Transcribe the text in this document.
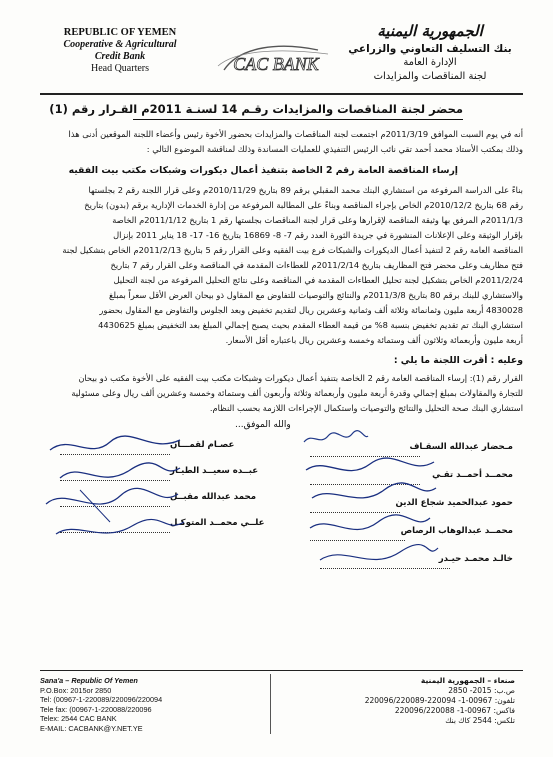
REPUBLIC OF YEMEN
Cooperative & Agricultural
Credit Bank
Head Quarters	CAC BANK
الجمهورية اليمنية
بنك التسليف التعاوني والزراعي
الإدارة العامة
لجنة المناقصات والمزايدات
محضر لجنة المناقصات والمزايدات رقـم 14 لسنـة 2011م القـرار رقم (1)
أنه في يوم السبت الموافق 2011/3/19م اجتمعت لجنة المناقصات والمزايدات بحضور الأخوة رئيس وأعضاء اللجنة الموقعين أدنى هذا
وذلك بمكتب الأستاذ محمد أحمد تقي نائب الرئيس التنفيذي للعمليات المساندة وذلك لمناقشة الموضوع التالي :
إرساء المناقصة العامة رقم 2 الخاصة بتنفيذ أعمال ديكورات وشبكات مكتب بيت الفقيه
بناءً على الدراسة المرفوعة من استشاري البنك محمد المقبلي برقم 89 بتاريخ 2010/11/29م وعلى قرار اللجنة رقم 2 بجلستها
رقم 68 بتاريخ 2010/12/2م الخاص بإجراء المناقصة وبناءً على المطالبة المرفوعة من إدارة الخدمات الإدارية برقم (بدون) بتاريخ
2011/1/3م المرفق بها وثيقة المناقصة لإقرارها وعلى قرار لجنة المناقصات بجلستها رقم 1 بتاريخ 2011/1/12م الخاصة
بإقرار الوثيقة وعلى الإعلانات المنشورة في جريدة الثورة العدد رقم 7- 8- 16869 بتاريخ 16- 17- 18 يناير 2011 بإنزال
المناقصة العامة رقم 2 لتنفيذ أعمال الديكورات والشبكات فرع بيت الفقيه وعلى القرار رقم 5 بتاريخ 2011/2/13م الخاص بتشكيل لجنة
فتح مظاريف وعلى محضر فتح المظاريف بتاريخ 2011/2/14م للعطاءات المقدمة في المناقصة وعلى القرار رقم 7 بتاريخ
2011/2/24م الخاص بتشكيل لجنة تحليل العطاءات المقدمة في المناقصة وعلى نتائج التحليل المرفوعة من لجنة التحليل
والاستشاري للبنك برقم 80 بتاريخ 2011/3/8م والنتائج والتوصيات للتفاوض مع المقاول ذو بيحان العرض الأقل سعراً بمبلغ
4830028 أربعة مليون وثمانمائة وثلاثة ألف وثمانية وعشرين ريال لتقديم تخفيض وبعد الجلوس والتفاوض مع المقاول بحضور
استشاري البنك تم تقديم تخفيض بنسبة 8% من قيمة العطاء المقدم بحيث يصبح إجمالي المبلغ بعد التخفيض بمبلغ 4430625
أربعة مليون وأربعمائة وثلاثون ألف وستمائة وخمسة وعشرين ريال باعتباره أقل الأسعار.
وعليه : أقرت اللجنة ما يلي :
القرار رقم (1): إرساء المناقصة العامة رقم 2 الخاصة بتنفيذ أعمال ديكورات وشبكات مكتب بيت الفقيه على الأخوة مكتب ذو بيحان
للتجارة والمقاولات بمبلغ إجمالي وقدرة أربعة مليون وأربعمائة وثلاثة وأربعون ألف وستمائة وخمسة وعشرين ألف ريال وعلى مسئولية
استشاري البنك صحة التحليل والنتائج والتوصيات واستكمال الإجراءات اللازمة بحسب النظام.
والله الموفق...
مـحضار عبدالله السقـاف
محمــد أحمــد تقـي
حمود عبدالحميد شجاع الدين
محمــد عبدالوهاب الرصاص
خالـد محمـد حيـدر
عصـام لقمـــان
عبــده سعيــد الطيـار
محمد عبدالله مقبــل
علــي محمــد المتوكـل
Sana'a – Republic Of Yemen
P.O.Box: 2015or 2850
Tel: (00967-1-220089/220096/220094
Tele fax: (00967-1-220088/220096
Telex: 2544 CAC BANK
E-MAIL: CACBANK@Y.NET.YE
صنعاء – الجمهورية اليمنية
ص.ب: 2015- 2850
تلفون: 00967-1- 220094-220096/220089
فاكس: 00967-1- 220096/220088
تلكس: 2544 كاك بنك
